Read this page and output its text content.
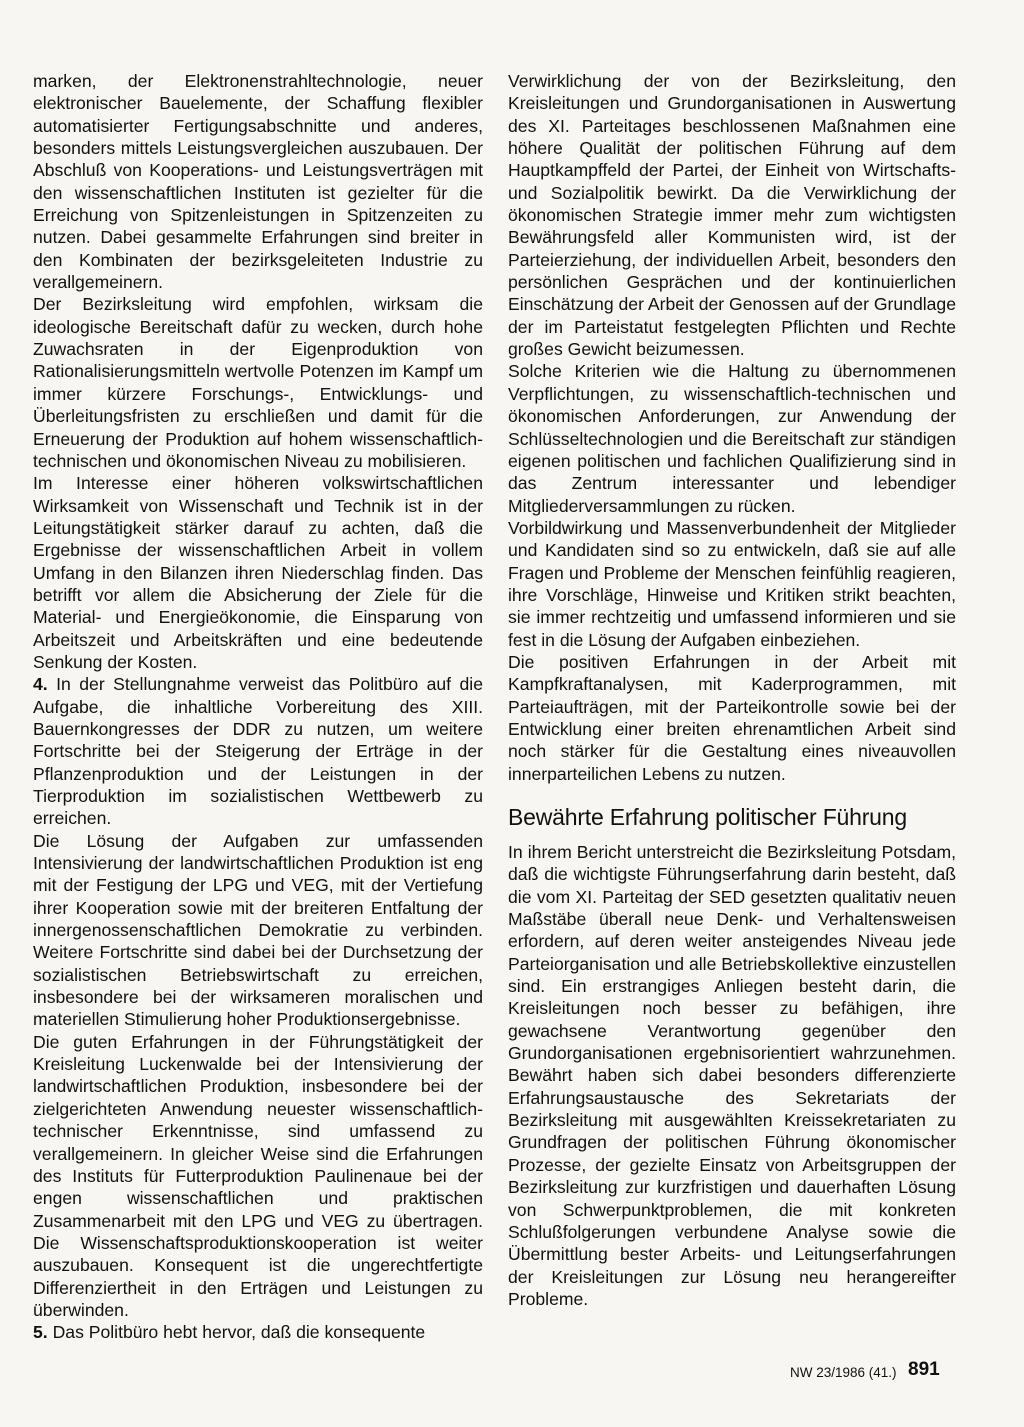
marken, der Elektronenstrahltechnologie, neuer elektronischer Bauelemente, der Schaffung flexibler automatisierter Fertigungsabschnitte und anderes, besonders mittels Leistungsvergleichen auszubauen. Der Abschluß von Kooperations- und Leistungsverträgen mit den wissenschaftlichen Instituten ist gezielter für die Erreichung von Spitzenleistungen in Spitzenzeiten zu nutzen. Dabei gesammelte Erfahrungen sind breiter in den Kombinaten der bezirksgeleiteten Industrie zu verallgemeinern.

Der Bezirksleitung wird empfohlen, wirksam die ideologische Bereitschaft dafür zu wecken, durch hohe Zuwachsraten in der Eigenproduktion von Rationalisierungsmitteln wertvolle Potenzen im Kampf um immer kürzere Forschungs-, Entwicklungs- und Überleitungsfristen zu erschließen und damit für die Erneuerung der Produktion auf hohem wissenschaftlich-technischen und ökonomischen Niveau zu mobilisieren.

Im Interesse einer höheren volkswirtschaftlichen Wirksamkeit von Wissenschaft und Technik ist in der Leitungstätigkeit stärker darauf zu achten, daß die Ergebnisse der wissenschaftlichen Arbeit in vollem Umfang in den Bilanzen ihren Niederschlag finden. Das betrifft vor allem die Absicherung der Ziele für die Material- und Energieökonomie, die Einsparung von Arbeitszeit und Arbeitskräften und eine bedeutende Senkung der Kosten.

4. In der Stellungnahme verweist das Politbüro auf die Aufgabe, die inhaltliche Vorbereitung des XIII. Bauernkongresses der DDR zu nutzen, um weitere Fortschritte bei der Steigerung der Erträge in der Pflanzenproduktion und der Leistungen in der Tierproduktion im sozialistischen Wettbewerb zu erreichen.

Die Lösung der Aufgaben zur umfassenden Intensivierung der landwirtschaftlichen Produktion ist eng mit der Festigung der LPG und VEG, mit der Vertiefung ihrer Kooperation sowie mit der breiteren Entfaltung der innergenossenschaftlichen Demokratie zu verbinden. Weitere Fortschritte sind dabei bei der Durchsetzung der sozialistischen Betriebswirtschaft zu erreichen, insbesondere bei der wirksameren moralischen und materiellen Stimulierung hoher Produktionsergebnisse.

Die guten Erfahrungen in der Führungstätigkeit der Kreisleitung Luckenwalde bei der Intensivierung der landwirtschaftlichen Produktion, insbesondere bei der zielgerichteten Anwendung neuester wissenschaftlich-technischer Erkenntnisse, sind umfassend zu verallgemeinern. In gleicher Weise sind die Erfahrungen des Instituts für Futterproduktion Paulinenaue bei der engen wissenschaftlichen und praktischen Zusammenarbeit mit den LPG und VEG zu übertragen. Die Wissenschaftsproduktionskooperation ist weiter auszubauen. Konsequent ist die ungerechtfertigte Differenziertheit in den Erträgen und Leistungen zu überwinden.

5. Das Politbüro hebt hervor, daß die konsequente

Verwirklichung der von der Bezirksleitung, den Kreisleitungen und Grundorganisationen in Auswertung des XI. Parteitages beschlossenen Maßnahmen eine höhere Qualität der politischen Führung auf dem Hauptkampffeld der Partei, der Einheit von Wirtschafts- und Sozialpolitik bewirkt. Da die Verwirklichung der ökonomischen Strategie immer mehr zum wichtigsten Bewährungsfeld aller Kommunisten wird, ist der Parteierziehung, der individuellen Arbeit, besonders den persönlichen Gesprächen und der kontinuierlichen Einschätzung der Arbeit der Genossen auf der Grundlage der im Parteistatut festgelegten Pflichten und Rechte großes Gewicht beizumessen.

Solche Kriterien wie die Haltung zu übernommenen Verpflichtungen, zu wissenschaftlich-technischen und ökonomischen Anforderungen, zur Anwendung der Schlüsseltechnologien und die Bereitschaft zur ständigen eigenen politischen und fachlichen Qualifizierung sind in das Zentrum interessanter und lebendiger Mitgliederversammlungen zu rücken.

Vorbildwirkung und Massenverbundenheit der Mitglieder und Kandidaten sind so zu entwickeln, daß sie auf alle Fragen und Probleme der Menschen feinfühlig reagieren, ihre Vorschläge, Hinweise und Kritiken strikt beachten, sie immer rechtzeitig und umfassend informieren und sie fest in die Lösung der Aufgaben einbeziehen.

Die positiven Erfahrungen in der Arbeit mit Kampfkraftanalysen, mit Kaderprogrammen, mit Parteiaufträgen, mit der Parteikontrolle sowie bei der Entwicklung einer breiten ehrenamtlichen Arbeit sind noch stärker für die Gestaltung eines niveauvollen innerparteilichen Lebens zu nutzen.

Bewährte Erfahrung politischer Führung

In ihrem Bericht unterstreicht die Bezirksleitung Potsdam, daß die wichtigste Führungserfahrung darin besteht, daß die vom XI. Parteitag der SED gesetzten qualitativ neuen Maßstäbe überall neue Denk- und Verhaltensweisen erfordern, auf deren weiter ansteigendes Niveau jede Parteiorganisation und alle Betriebskollektive einzustellen sind. Ein erstrangiges Anliegen besteht darin, die Kreisleitungen noch besser zu befähigen, ihre gewachsene Verantwortung gegenüber den Grundorganisationen ergebnisorientiert wahrzunehmen. Bewährt haben sich dabei besonders differenzierte Erfahrungsaustausche des Sekretariats der Bezirksleitung mit ausgewählten Kreissekretariaten zu Grundfragen der politischen Führung ökonomischer Prozesse, der gezielte Einsatz von Arbeitsgruppen der Bezirksleitung zur kurzfristigen und dauerhaften Lösung von Schwerpunktproblemen, die mit konkreten Schlußfolgerungen verbundene Analyse sowie die Übermittlung bester Arbeits- und Leitungserfahrungen der Kreisleitungen zur Lösung neu herangereifter Probleme.

NW 23/1986 (41.) 891
